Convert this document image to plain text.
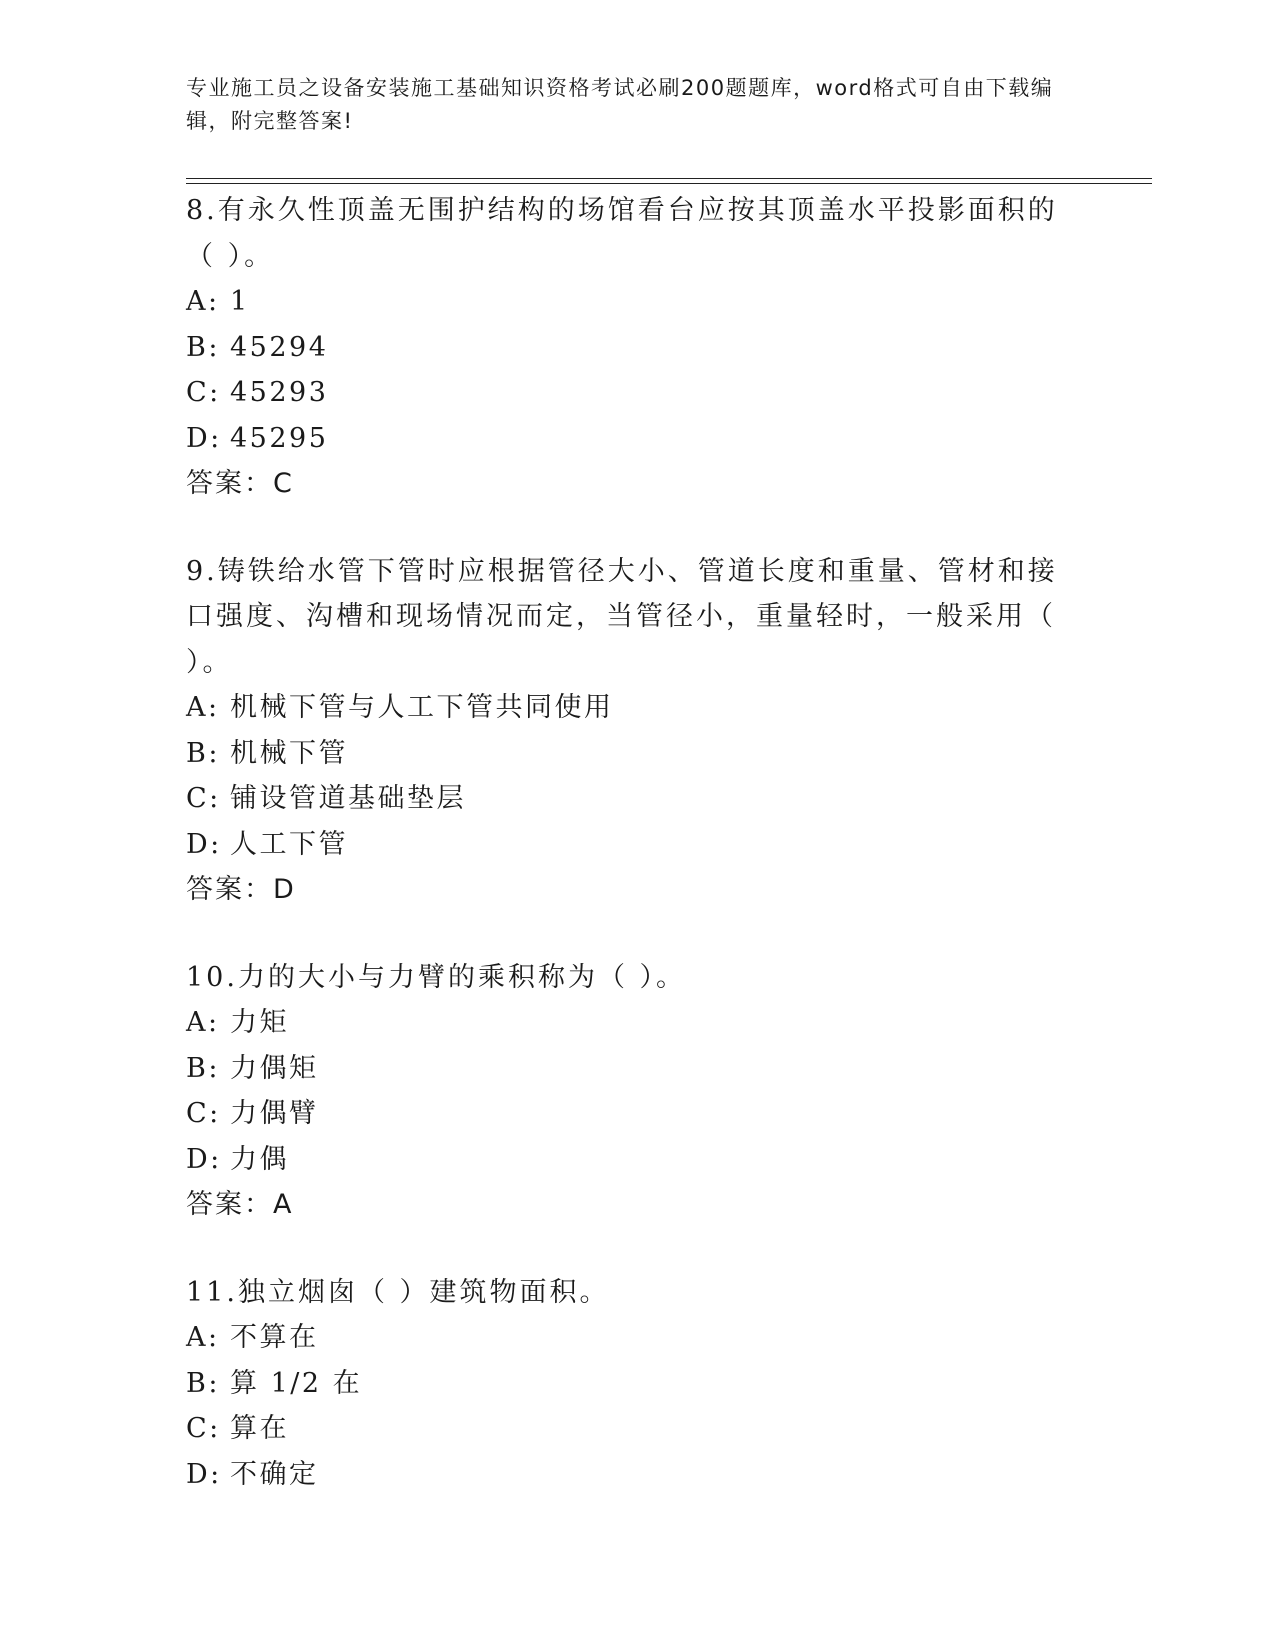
专业施工员之设备安装施工基础知识资格考试必刷200题题库，word格式可自由下载编辑，附完整答案!

8.有永久性顶盖无围护结构的场馆看台应按其顶盖水平投影面积的（ ）。

A: 1

B: 45294

C: 45293

D: 45295

答案：C

9.铸铁给水管下管时应根据管径大小、管道长度和重量、管材和接口强度、沟槽和现场情况而定，当管径小，重量轻时，一般采用（ ）。

A: 机械下管与人工下管共同使用

B: 机械下管

C: 铺设管道基础垫层

D: 人工下管

答案：D

10.力的大小与力臂的乘积称为（ ）。

A: 力矩

B: 力偶矩

C: 力偶臂

D: 力偶

答案：A

11.独立烟囱（ ）建筑物面积。

A: 不算在

B: 算 1/2 在

C: 算在

D: 不确定
